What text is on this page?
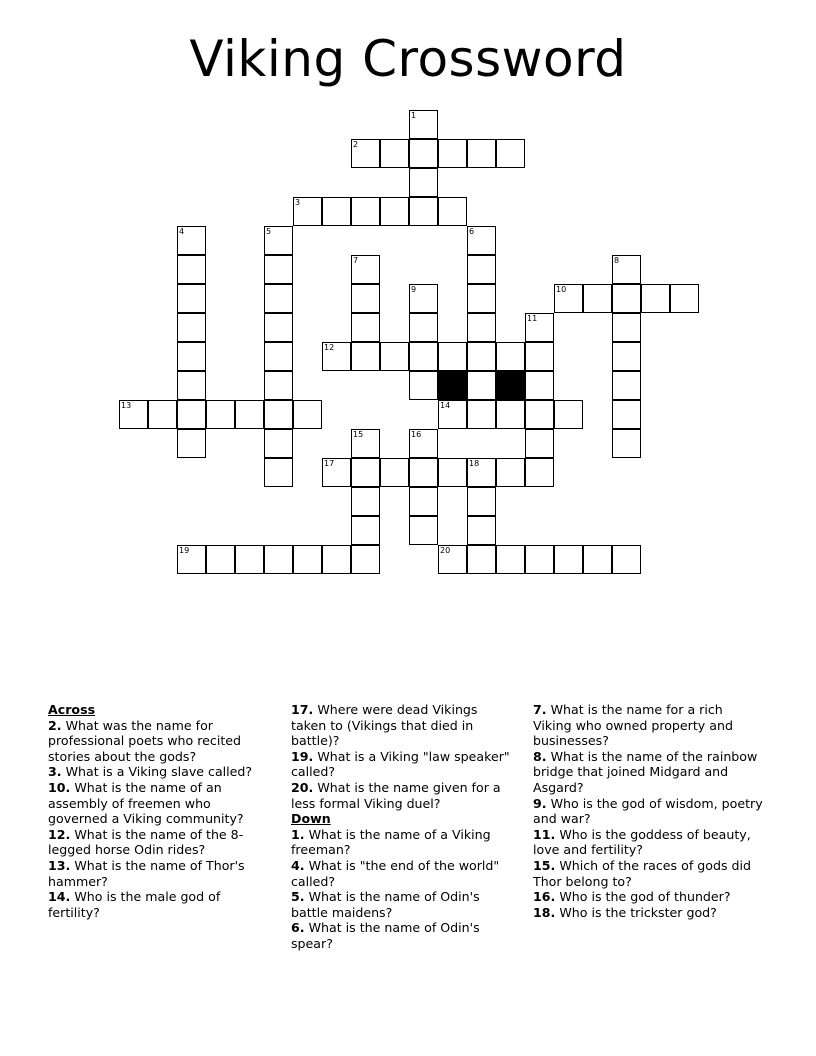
Viking Crossword
1
2
3
4	5	6
7	8
9	10
11
12
13	14
15	16
17	18
19	20
Across
2. What was the name for professional poets who recited stories about the gods?
3. What is a Viking slave called?
10. What is the name of an assembly of freemen who governed a Viking community?
12. What is the name of the 8-legged horse Odin rides?
13. What is the name of Thor's hammer?
14. Who is the male god of fertility?
17. Where were dead Vikings taken to (Vikings that died in battle)?
19. What is a Viking "law speaker" called?
20. What is the name given for a less formal Viking duel?
Down
1. What is the name of a Viking freeman?
4. What is "the end of the world" called?
5. What is the name of Odin's battle maidens?
6. What is the name of Odin's spear?
7. What is the name for a rich Viking who owned property and businesses?
8. What is the name of the rainbow bridge that joined Midgard and Asgard?
9. Who is the god of wisdom, poetry and war?
11. Who is the goddess of beauty, love and fertility?
15. Which of the races of gods did Thor belong to?
16. Who is the god of thunder?
18. Who is the trickster god?
